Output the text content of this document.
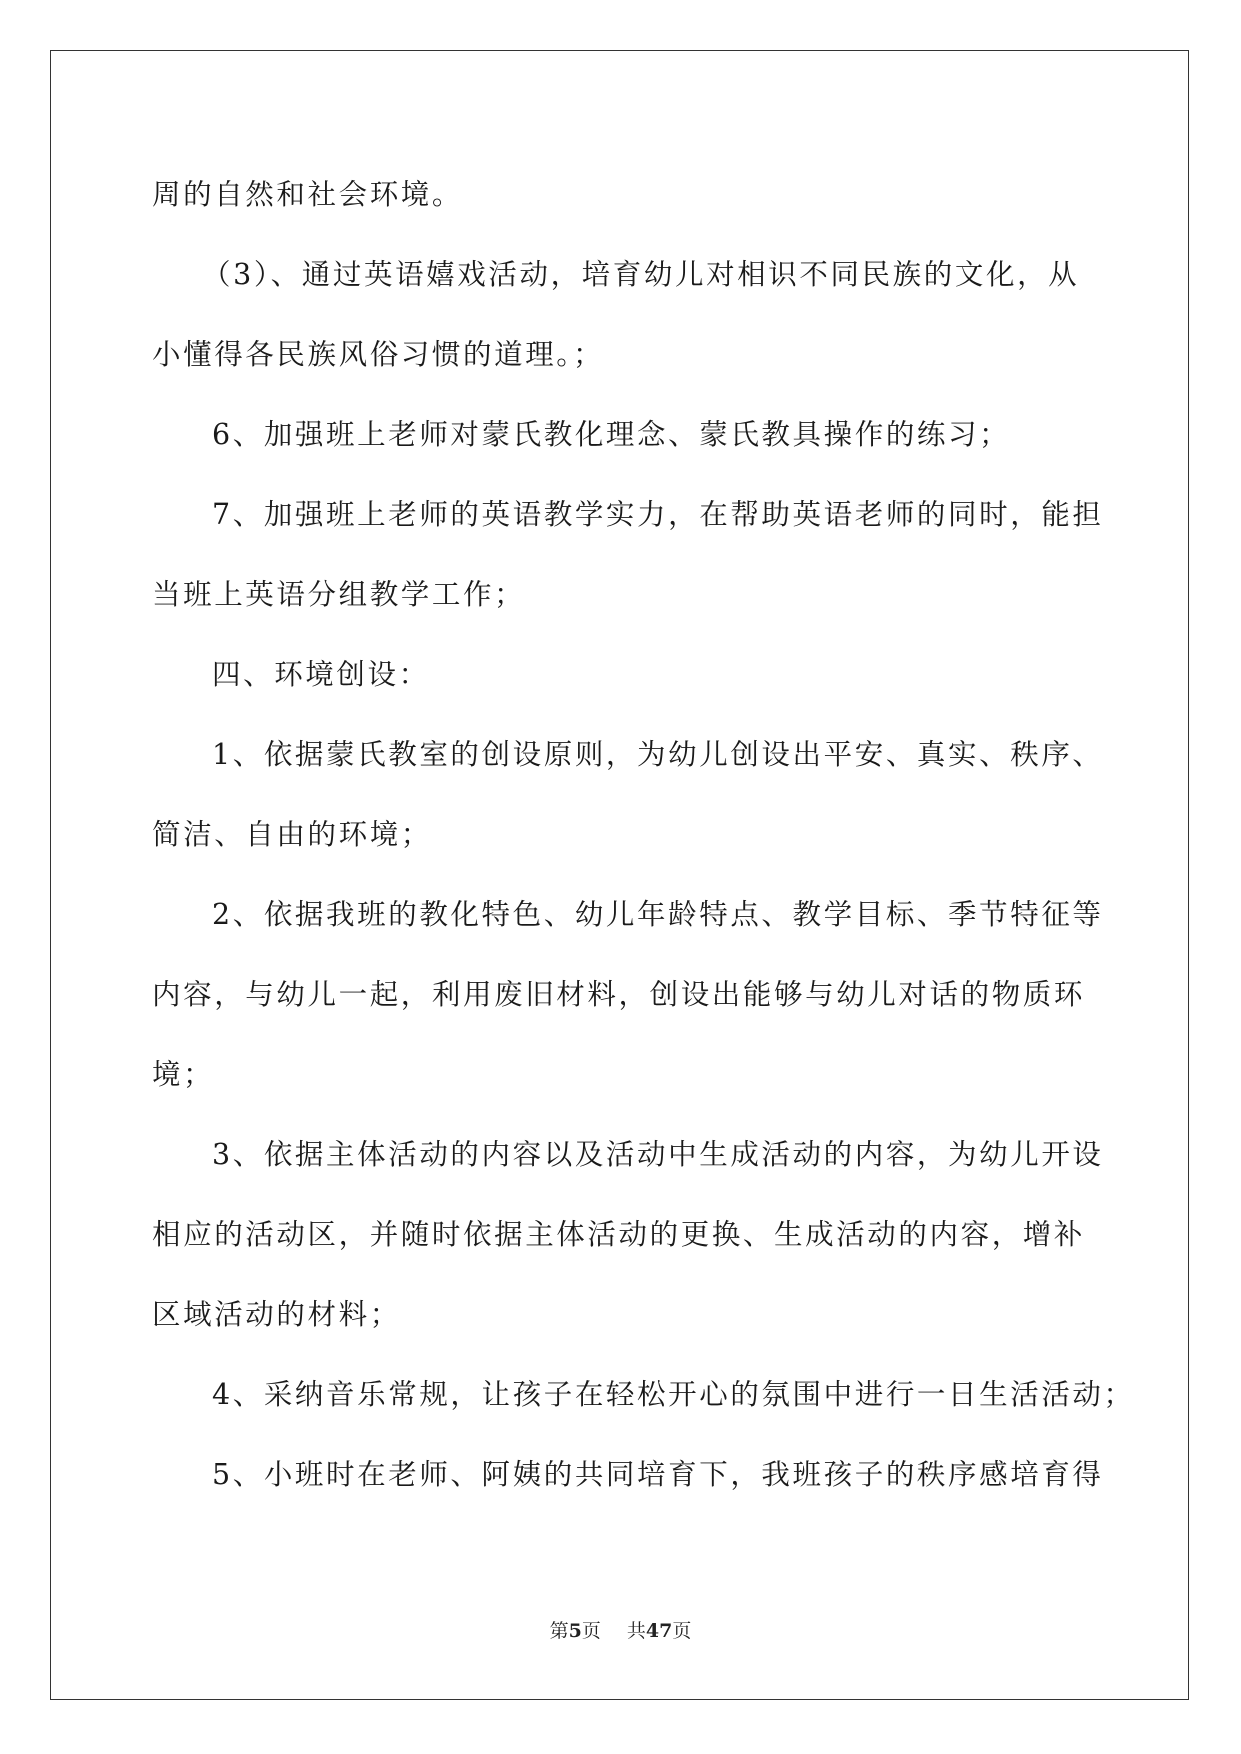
周的自然和社会环境。

（3）、通过英语嬉戏活动，培育幼儿对相识不同民族的文化，从

小懂得各民族风俗习惯的道理。；

6、加强班上老师对蒙氏教化理念、蒙氏教具操作的练习；

7、加强班上老师的英语教学实力，在帮助英语老师的同时，能担

当班上英语分组教学工作；

四、环境创设：

1、依据蒙氏教室的创设原则，为幼儿创设出平安、真实、秩序、

简洁、自由的环境；

2、依据我班的教化特色、幼儿年龄特点、教学目标、季节特征等

内容，与幼儿一起，利用废旧材料，创设出能够与幼儿对话的物质环

境；

3、依据主体活动的内容以及活动中生成活动的内容，为幼儿开设

相应的活动区，并随时依据主体活动的更换、生成活动的内容，增补

区域活动的材料；

4、采纳音乐常规，让孩子在轻松开心的氛围中进行一日生活活动；

5、小班时在老师、阿姨的共同培育下，我班孩子的秩序感培育得

第5页 共47页
